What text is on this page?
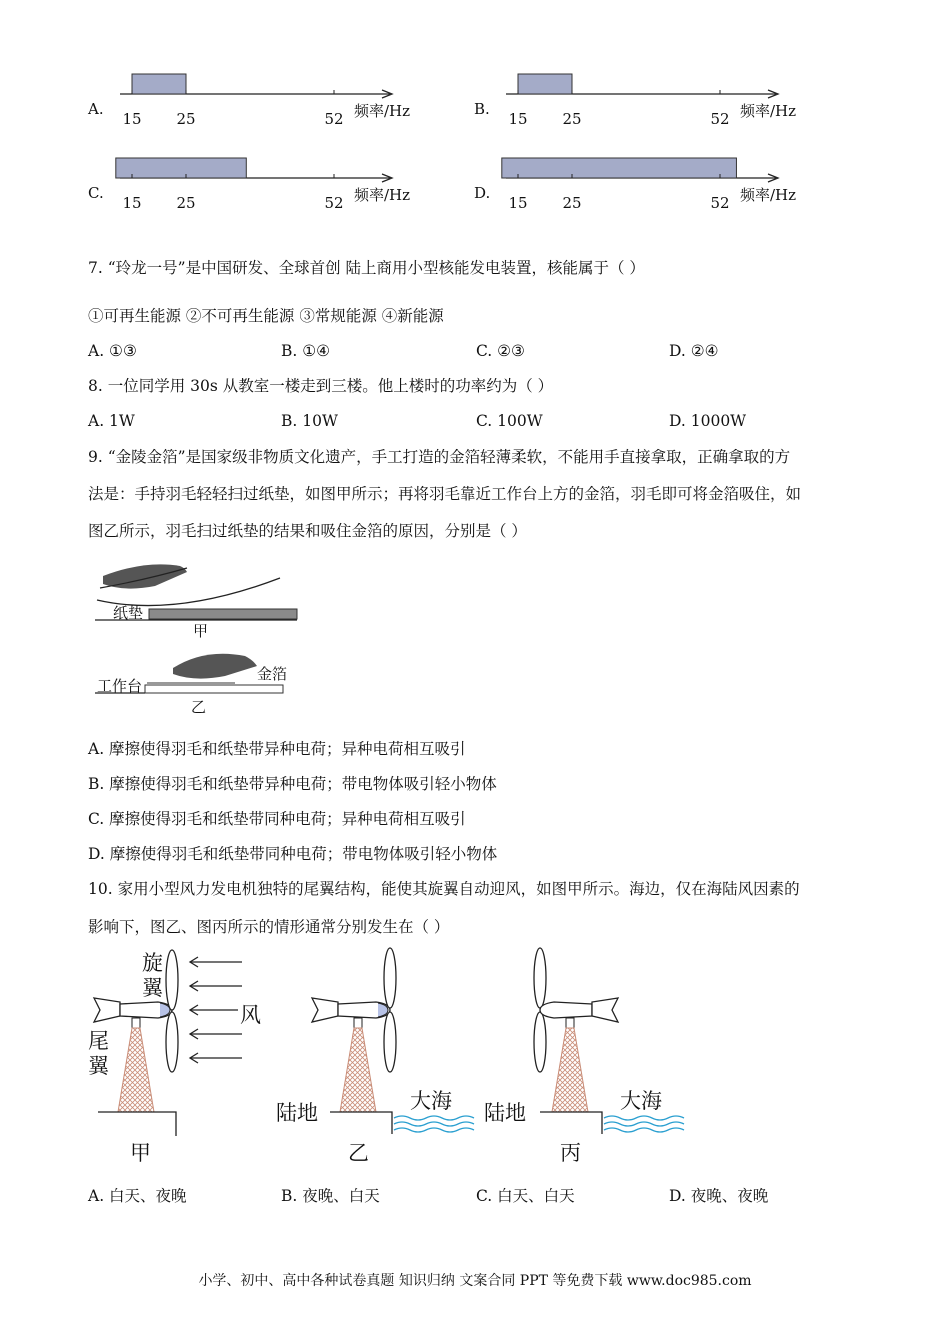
A.
15 25	52 频率/Hz	B.
15 25	52 频率/Hz
C.
15 25	52 频率/Hz	D.
15 25	52 频率/Hz
7. “玲龙一号”是中国研发、全球首创 陆上商用小型核能发电装置，核能属于（ ）
①可再生能源 ②不可再生能源 ③常规能源 ④新能源
A. ①③	B. ①④	C. ②③	D. ②④
8. 一位同学用 30s 从教室一楼走到三楼。他上楼时的功率约为（ ）
A. 1W	B. 10W	C. 100W	D. 1000W
9. “金陵金箔”是国家级非物质文化遗产，手工打造的金箔轻薄柔软，不能用手直接拿取，正确拿取的方
法是：手持羽毛轻轻扫过纸垫，如图甲所示；再将羽毛靠近工作台上方的金箔，羽毛即可将金箔吸住，如
图乙所示，羽毛扫过纸垫的结果和吸住金箔的原因，分别是（ ）
纸垫
甲
工作台
金箔
乙
A. 摩擦使得羽毛和纸垫带异种电荷；异种电荷相互吸引
B. 摩擦使得羽毛和纸垫带异种电荷；带电物体吸引轻小物体
C. 摩擦使得羽毛和纸垫带同种电荷；异种电荷相互吸引
D. 摩擦使得羽毛和纸垫带同种电荷；带电物体吸引轻小物体
10. 家用小型风力发电机独特的尾翼结构，能使其旋翼自动迎风，如图甲所示。海边，仅在海陆风因素的
影响下，图乙、图丙所示的情形通常分别发生在（ ）
旋
翼
尾
翼
风
甲
陆地	大海
乙
陆地	大海
丙
A. 白天、夜晚	B. 夜晚、白天	C. 白天、白天	D. 夜晚、夜晚
小学、初中、高中各种试卷真题 知识归纳 文案合同 PPT 等免费下载 www.doc985.com
